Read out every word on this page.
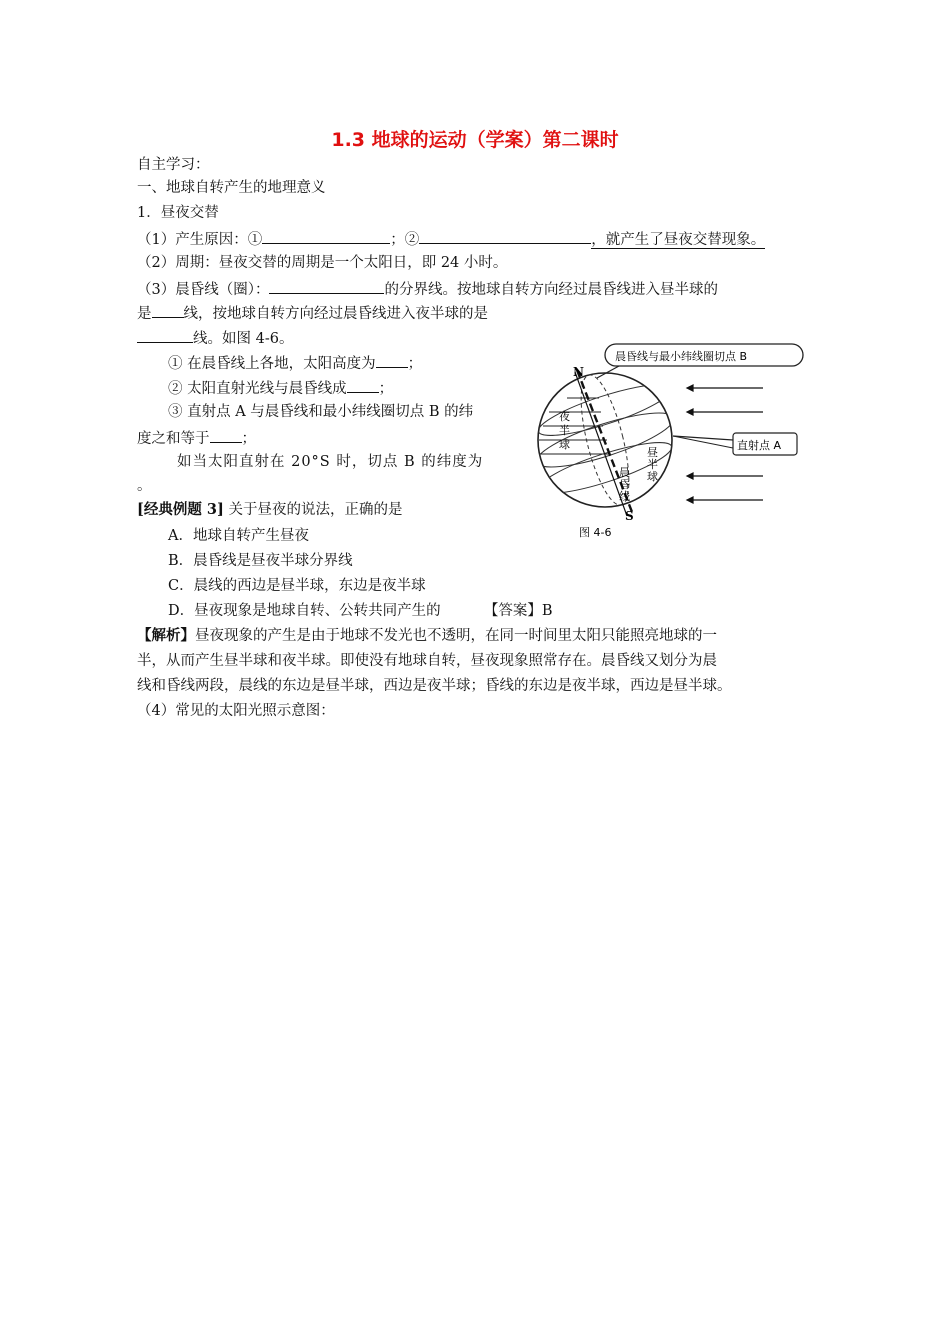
1.3 地球的运动（学案）第二课时
自主学习：
一、地球自转产生的地理意义
1．昼夜交替
（1）产生原因：①	；②	，就产生了昼夜交替现象。
（2）周期：昼夜交替的周期是一个太阳日，即 24 小时。
（3）晨昏线（圈）：	的分界线。按地球自转方向经过晨昏线进入昼半球的
是 线，按地球自转方向经过晨昏线进入夜半球的是
线。如图 4-6。
① 在晨昏线上各地，太阳高度为 ；
② 太阳直射光线与晨昏线成 ；
③ 直射点 A 与晨昏线和最小纬线圈切点 B 的纬
度之和等于 ；
如当太阳直射在 20°S 时，切点 B 的纬度为
。
[经典例题 3] 关于昼夜的说法，正确的是
A．地球自转产生昼夜
B．晨昏线是昼夜半球分界线
C．晨线的西边是昼半球，东边是夜半球
D．昼夜现象是地球自转、公转共同产生的	【答案】B
【解析】昼夜现象的产生是由于地球不发光也不透明，在同一时间里太阳只能照亮地球的一
半，从而产生昼半球和夜半球。即使没有地球自转，昼夜现象照常存在。晨昏线又划分为晨
线和昏线两段，晨线的东边是昼半球，西边是夜半球；昏线的东边是夜半球，西边是昼半球。
（4）常见的太阳光照示意图：
N
S
夜
半
球
昼
半
球
晨
昏
线
晨昏线与最小纬线圈切点 B
直射点 A
图 4-6
